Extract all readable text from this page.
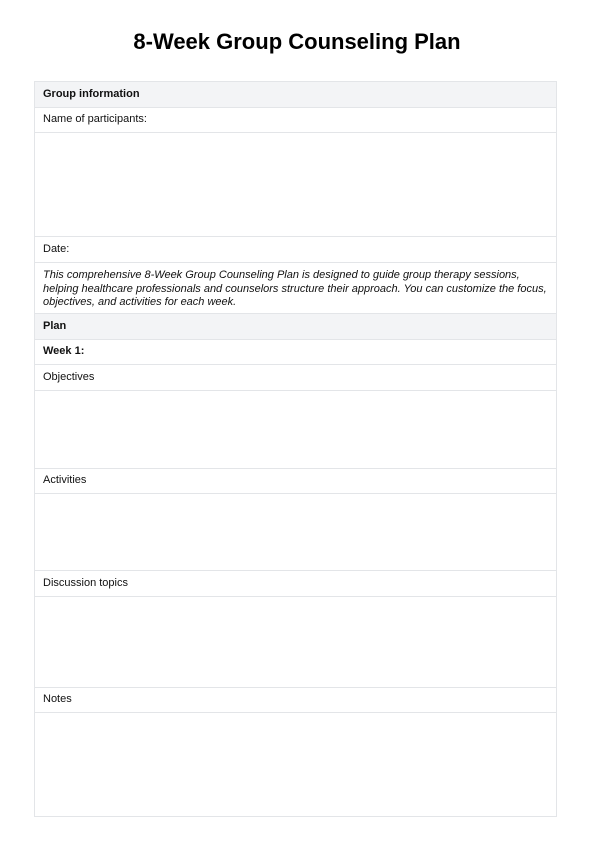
8-Week Group Counseling Plan
Group information
Name of participants:
Date:
This comprehensive 8-Week Group Counseling Plan is designed to guide group therapy sessions, helping healthcare professionals and counselors structure their approach. You can customize the focus, objectives, and activities for each week.
Plan
Week 1:
Objectives
Activities
Discussion topics
Notes
